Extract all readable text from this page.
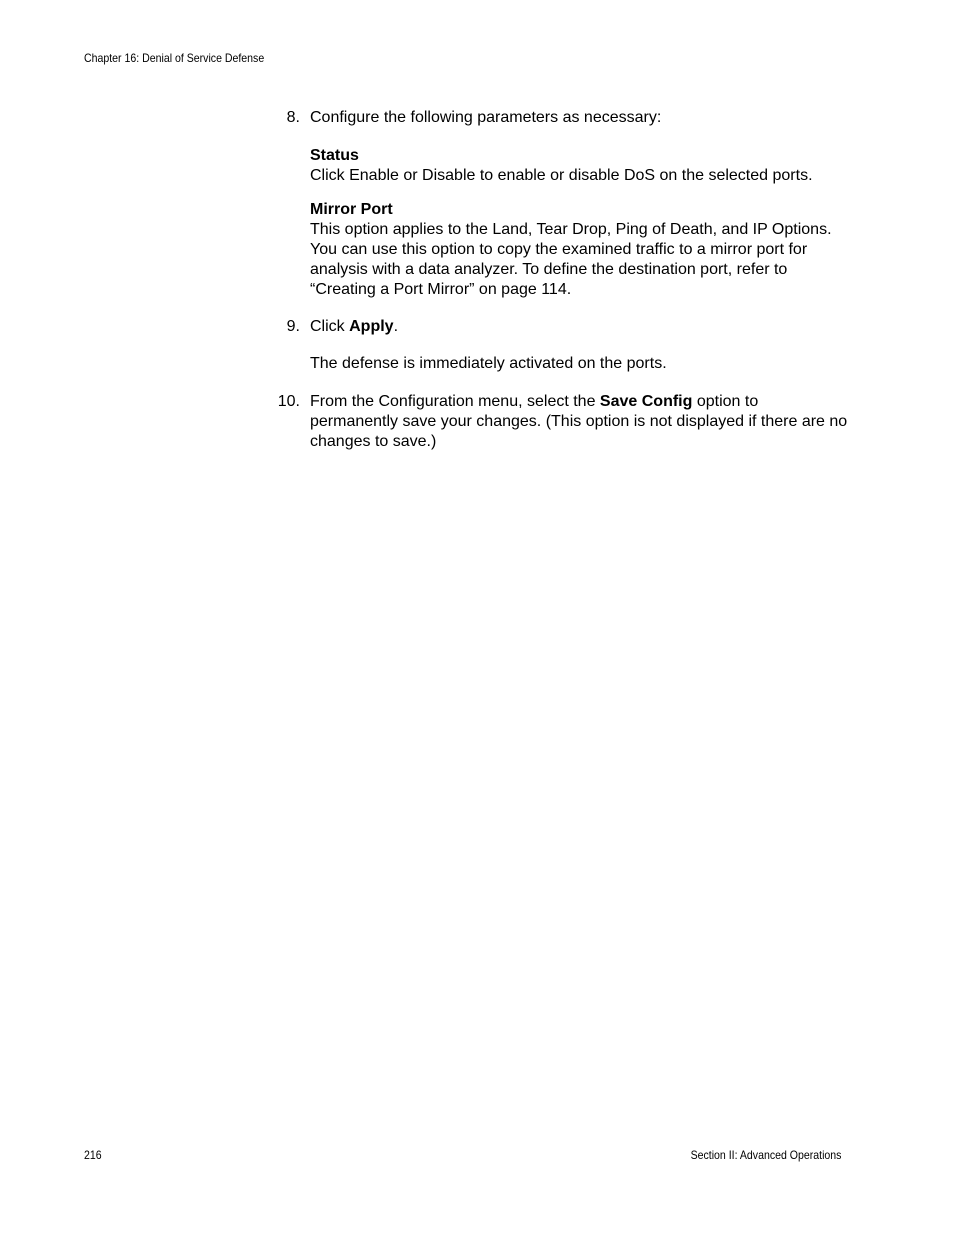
Chapter 16: Denial of Service Defense
8. Configure the following parameters as necessary:

Status

Click Enable or Disable to enable or disable DoS on the selected ports.

Mirror Port

This option applies to the Land, Tear Drop, Ping of Death, and IP Options. You can use this option to copy the examined traffic to a mirror port for analysis with a data analyzer. To define the destination port, refer to “Creating a Port Mirror” on page 114.

9. Click Apply.

The defense is immediately activated on the ports.

10. From the Configuration menu, select the Save Config option to permanently save your changes. (This option is not displayed if there are no changes to save.)

216	Section II: Advanced Operations
